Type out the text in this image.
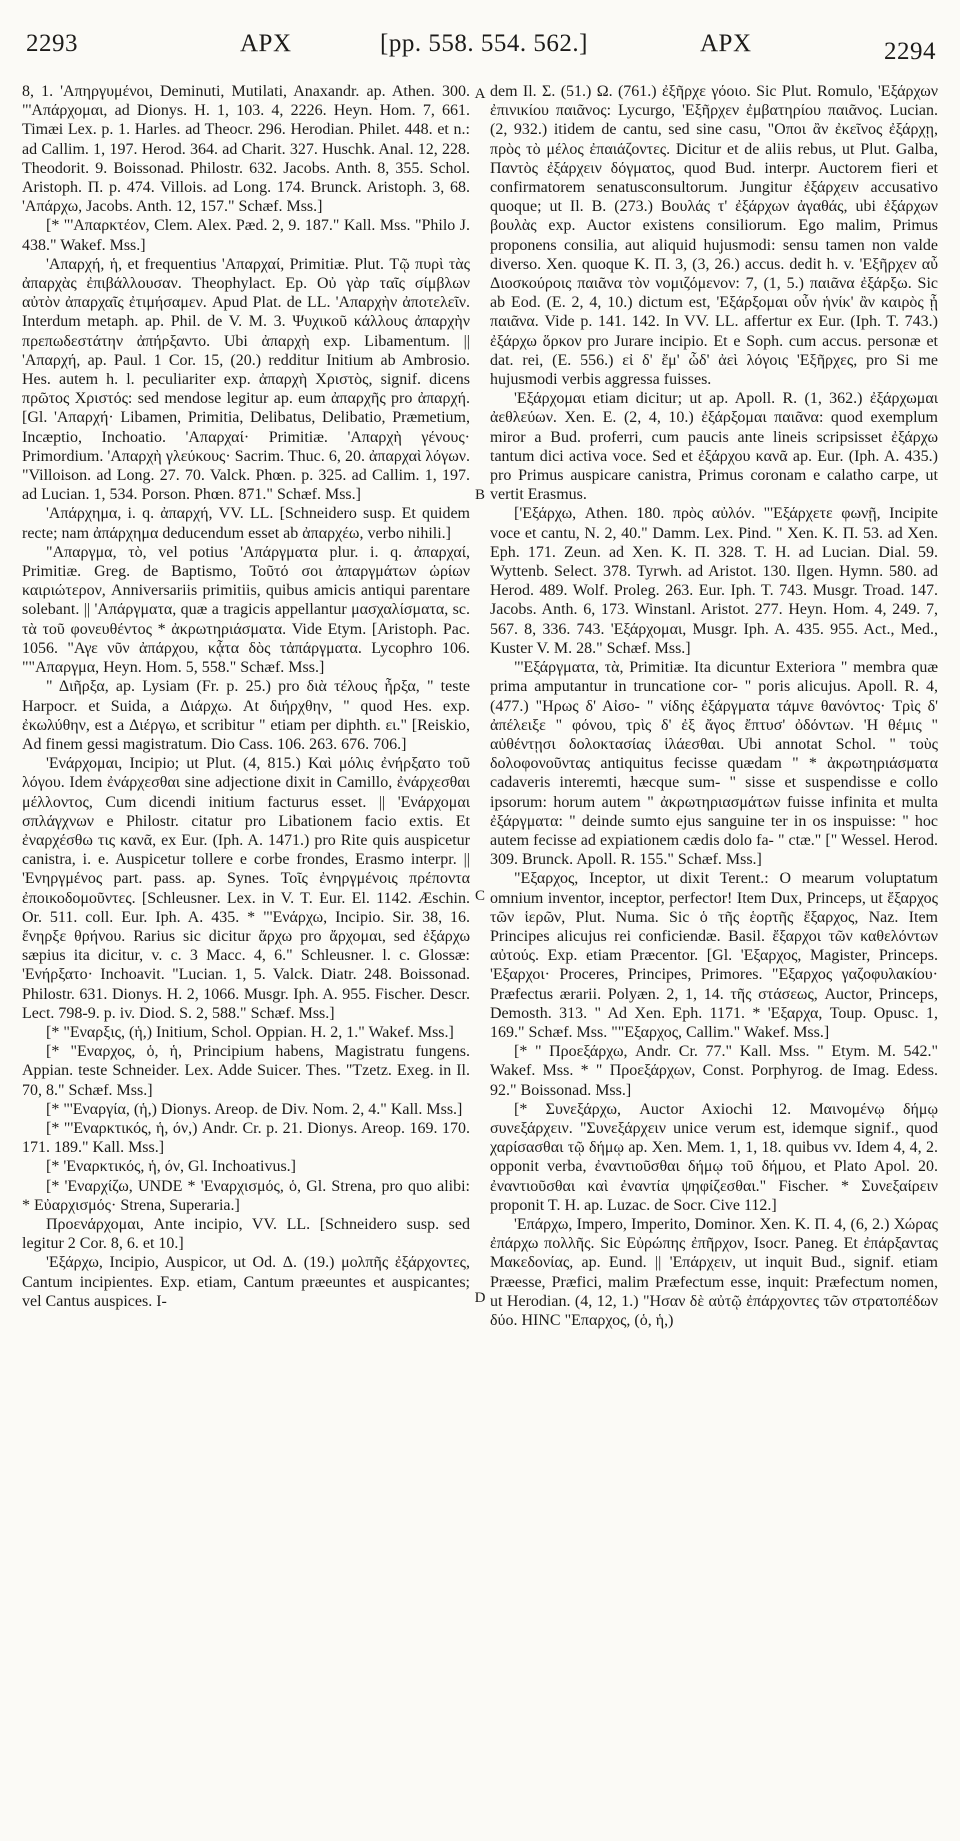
2293	ΑΡΧ	[pp. 558. 554. 562.]	ΑΡΧ	2294
A
B
C
D

8, 1. 'Απηργυμένοι, Deminuti, Mutilati, Anaxandr. ap. Athen. 300. "'Απάρχομαι, ad Dionys. H. 1, 103. 4, 2226. Heyn. Hom. 7, 661. Timæi Lex. p. 1. Harles. ad Theocr. 296. Herodian. Philet. 448. et n.: ad Callim. 1, 197. Herod. 364. ad Charit. 327. Huschk. Anal. 12, 228. Theodorit. 9. Boissonad. Philostr. 632. Jacobs. Anth. 8, 355. Schol. Aristoph. Π. p. 474. Villois. ad Long. 174. Brunck. Aristoph. 3, 68. 'Απάρχω, Jacobs. Anth. 12, 157." Schæf. Mss.]

[* "'Απαρκτέον, Clem. Alex. Pæd. 2, 9. 187." Kall. Mss. "Philo J. 438." Wakef. Mss.]

'Απαρχή, ἡ, et frequentius 'Απαρχαί, Primitiæ. Plut. Τῷ πυρὶ τὰς ἀπαρχὰς ἐπιβάλλουσαν. Theophylact. Ep. Οὐ γὰρ ταῖς σίμβλων αὐτὸν ἀπαρχαῖς ἐτιμήσαμεν. Apud Plat. de LL. 'Απαρχὴν ἀποτελεῖν. Interdum metaph. ap. Phil. de V. M. 3. Ψυχικοῦ κάλλους ἀπαρχὴν πρεπωδεστάτην ἀπήρξαντο. Ubi ἀπαρχὴ exp. Libamentum. || 'Απαρχή, ap. Paul. 1 Cor. 15, (20.) redditur Initium ab Ambrosio. Hes. autem h. l. peculiariter exp. ἀπαρχὴ Χριστὸς, signif. dicens πρῶτος Χριστός: sed mendose legitur ap. eum ἀπαρχῆς pro ἀπαρχή. [Gl. 'Απαρχή· Libamen, Primitia, Delibatus, Delibatio, Præmetium, Incæptio, Inchoatio. 'Απαρχαί· Primitiæ. 'Απαρχὴ γένους· Primordium. 'Απαρχὴ γλεύκους· Sacrim. Thuc. 6, 20. ἀπαρχαὶ λόγων. "Villoison. ad Long. 27. 70. Valck. Phœn. p. 325. ad Callim. 1, 197. ad Lucian. 1, 534. Porson. Phœn. 871." Schæf. Mss.]

'Απάρχημα, i. q. ἀπαρχή, VV. LL. [Schneidero susp. Et quidem recte; nam ἀπάρχημα deducendum esset ab ἀπαρχέω, verbo nihili.]

"Απαργμα, τὸ, vel potius 'Απάργματα plur. i. q. ἀπαρχαί, Primitiæ. Greg. de Baptismo, Τοῦτό σοι ἀπαργμάτων ὡρίων καιριώτερον, Anniversariis primitiis, quibus amicis antiqui parentare solebant. || 'Απάργματα, quæ a tragicis appellantur μασχαλίσματα, sc. τὰ τοῦ φονευθέντος * ἀκρωτηριάσματα. Vide Etym. [Aristoph. Pac. 1056. "Αγε νῦν ἀπάρχου, κᾆτα δὸς τἀπάργματα. Lycophro 106. ""Απαργμα, Heyn. Hom. 5, 558." Schæf. Mss.]

" Διῆρξα, ap. Lysiam (Fr. p. 25.) pro διὰ τέλους ἦρξα, " teste Harpocr. et Suida, a Διάρχω. At διήρχθην, " quod Hes. exp. ἐκωλύθην, est a Διέργω, et scribitur " etiam per diphth. ει." [Reiskio, Ad finem gessi magistratum. Dio Cass. 106. 263. 676. 706.]

'Ενάρχομαι, Incipio; ut Plut. (4, 815.) Καὶ μόλις ἐνήρξατο τοῦ λόγου. Idem ἐνάρχεσθαι sine adjectione dixit in Camillo, ἐνάρχεσθαι μέλλοντος, Cum dicendi initium facturus esset. || 'Ενάρχομαι σπλάγχνων e Philostr. citatur pro Libationem facio extis. Et ἐναρχέσθω τις κανᾶ, ex Eur. (Iph. A. 1471.) pro Rite quis auspicetur canistra, i. e. Auspicetur tollere e corbe frondes, Erasmo interpr. || 'Ενηργμένος part. pass. ap. Synes. Τοῖς ἐνηργμένοις πρέποντα ἐποικοδομοῦντες. [Schleusner. Lex. in V. T. Eur. El. 1142. Æschin. Or. 511. coll. Eur. Iph. A. 435. * "'Ενάρχω, Incipio. Sir. 38, 16. ἔνηρξε θρήνου. Rarius sic dicitur ἄρχω pro ἄρχομαι, sed ἐξάρχω sæpius ita dicitur, v. c. 3 Macc. 4, 6." Schleusner. l. c. Glossæ: 'Ενήρξατο· Inchoavit. "Lucian. 1, 5. Valck. Diatr. 248. Boissonad. Philostr. 631. Dionys. H. 2, 1066. Musgr. Iph. A. 955. Fischer. Descr. Lect. 798-9. p. iv. Diod. S. 2, 588." Schæf. Mss.]

[* "Εναρξις, (ἡ,) Initium, Schol. Oppian. H. 2, 1." Wakef. Mss.]

[* "Εναρχος, ὁ, ἡ, Principium habens, Magistratu fungens. Appian. teste Schneider. Lex. Adde Suicer. Thes. "Tzetz. Exeg. in Il. 70, 8." Schæf. Mss.]

[* "'Εναργία, (ἡ,) Dionys. Areop. de Div. Nom. 2, 4." Kall. Mss.]

[* "'Εναρκτικός, ἡ, όν,) Andr. Cr. p. 21. Dionys. Areop. 169. 170. 171. 189." Kall. Mss.]

[* 'Εναρκτικός, ἡ, όν, Gl. Inchoativus.]

[* 'Εναρχίζω, UNDE * 'Εναρχισμός, ὁ, Gl. Strena, pro quo alibi: * Εὐαρχισμός· Strena, Superaria.]

Προενάρχομαι, Ante incipio, VV. LL. [Schneidero susp. sed legitur 2 Cor. 8, 6. et 10.]

'Εξάρχω, Incipio, Auspicor, ut Od. Δ. (19.) μολπῆς ἐξάρχοντες, Cantum incipientes. Exp. etiam, Cantum præeuntes et auspicantes; vel Cantus auspices. I-

dem Il. Σ. (51.) Ω. (761.) ἐξῆρχε γόοιο. Sic Plut. Romulo, 'Εξάρχων ἐπινικίου παιᾶνος: Lycurgo, 'Εξῆρχεν ἐμβατηρίου παιᾶνος. Lucian. (2, 932.) itidem de cantu, sed sine casu, "Οποι ἂν ἐκεῖνος ἐξάρχῃ, πρὸς τὸ μέλος ἐπαιάζοντες. Dicitur et de aliis rebus, ut Plut. Galba, Παντὸς ἐξάρχειν δόγματος, quod Bud. interpr. Auctorem fieri et confirmatorem senatusconsultorum. Jungitur ἐξάρχειν accusativo quoque; ut Il. B. (273.) Βουλάς τ' ἐξάρχων ἀγαθάς, ubi ἐξάρχων βουλὰς exp. Auctor existens consiliorum. Ego malim, Primus proponens consilia, aut aliquid hujusmodi: sensu tamen non valde diverso. Xen. quoque K. Π. 3, (3, 26.) accus. dedit h. v. 'Εξῆρχεν αὖ Διοσκούροις παιᾶνα τὸν νομιζόμενον: 7, (1, 5.) παιᾶνα ἐξάρξω. Sic ab Eod. (E. 2, 4, 10.) dictum est, 'Εξάρξομαι οὖν ἡνίκ' ἂν καιρὸς ᾖ παιᾶνα. Vide p. 141. 142. In VV. LL. affertur ex Eur. (Iph. T. 743.) ἐξάρχω ὅρκον pro Jurare incipio. Et e Soph. cum accus. personæ et dat. rei, (E. 556.) εἰ δ' ἔμ' ὧδ' ἀεὶ λόγοις 'Εξῆρχες, pro Si me hujusmodi verbis aggressa fuisses.

'Εξάρχομαι etiam dicitur; ut ap. Apoll. R. (1, 362.) ἐξάρχωμαι ἀεθλεύων. Xen. E. (2, 4, 10.) ἐξάρξομαι παιᾶνα: quod exemplum miror a Bud. proferri, cum paucis ante lineis scripsisset ἐξάρχω tantum dici activa voce. Sed et ἐξάρχου κανᾶ ap. Eur. (Iph. A. 435.) pro Primus auspicare canistra, Primus coronam e calatho carpe, ut vertit Erasmus.

['Εξάρχω, Athen. 180. πρὸς αὐλόν. "'Εξάρχετε φωνῇ, Incipite voce et cantu, N. 2, 40." Damm. Lex. Pind. " Xen. K. Π. 53. ad Xen. Eph. 171. Zeun. ad Xen. K. Π. 328. T. H. ad Lucian. Dial. 59. Wyttenb. Select. 378. Tyrwh. ad Aristot. 130. Ilgen. Hymn. 580. ad Herod. 489. Wolf. Proleg. 263. Eur. Iph. T. 743. Musgr. Troad. 147. Jacobs. Anth. 6, 173. Winstanl. Aristot. 277. Heyn. Hom. 4, 249. 7, 567. 8, 336. 743. 'Εξάρχομαι, Musgr. Iph. A. 435. 955. Act., Med., Kuster V. M. 28." Schæf. Mss.]

"'Εξάργματα, τὰ, Primitiæ. Ita dicuntur Exteriora " membra quæ prima amputantur in truncatione cor- " poris alicujus. Apoll. R. 4, (477.) "Ηρως δ' Αἰσο- " νίδης ἐξάργματα τάμνε θανόντος· Τρὶς δ' ἀπέλειξε " φόνου, τρὶς δ' ἐξ ἄγος ἔπτυσ' ὀδόντων. 'Η θέμις " αὐθέντῃσι δολοκτασίας ἱλάεσθαι. Ubi annotat Schol. " τοὺς δολοφονοῦντας antiquitus fecisse quædam " * ἀκρωτηριάσματα cadaveris interemti, hæcque sum- " sisse et suspendisse e collo ipsorum: horum autem " ἀκρωτηριασμάτων fuisse infinita et multa ἐξάργματα: " deinde sumto ejus sanguine ter in os inspuisse: " hoc autem fecisse ad expiationem cædis dolo fa- " ctæ." [" Wessel. Herod. 309. Brunck. Apoll. R. 155." Schæf. Mss.]

"Εξαρχος, Inceptor, ut dixit Terent.: O mearum voluptatum omnium inventor, inceptor, perfector! Item Dux, Princeps, ut ἔξαρχος τῶν ἱερῶν, Plut. Numa. Sic ὁ τῆς ἑορτῆς ἔξαρχος, Naz. Item Principes alicujus rei conficiendæ. Basil. ἔξαρχοι τῶν καθελόντων αὐτούς. Exp. etiam Præcentor. [Gl. 'Εξαρχος, Magister, Princeps. 'Εξαρχοι· Proceres, Principes, Primores. "Εξαρχος γαζοφυλακίου· Præfectus ærarii. Polyæn. 2, 1, 14. τῆς στάσεως, Auctor, Princeps, Demosth. 313. " Ad Xen. Eph. 1171. * 'Εξαρχα, Toup. Opusc. 1, 169." Schæf. Mss. ""Εξαρχος, Callim." Wakef. Mss.]

[* " Προεξάρχω, Andr. Cr. 77." Kall. Mss. " Etym. M. 542." Wakef. Mss. * " Προεξάρχων, Const. Porphyrog. de Imag. Edess. 92." Boissonad. Mss.]

[* Συνεξάρχω, Auctor Axiochi 12. Μαινομένῳ δήμῳ συνεξάρχειν. "Συνεξάρχειν unice verum est, idemque signif., quod χαρίσασθαι τῷ δήμῳ ap. Xen. Mem. 1, 1, 18. quibus vv. Idem 4, 4, 2. opponit verba, ἐναντιοῦσθαι δήμῳ τοῦ δήμου, et Plato Apol. 20. ἐναντιοῦσθαι καὶ ἐναντία ψηφίζεσθαι." Fischer. * Συνεξαίρειν proponit T. H. ap. Luzac. de Socr. Cive 112.]

'Επάρχω, Impero, Imperito, Dominor. Xen. K. Π. 4, (6, 2.) Χώρας ἐπάρχω πολλῆς. Sic Εὐρώπης ἐπῆρχον, Isocr. Paneg. Et ἐπάρξαντας Μακεδονίας, ap. Eund. || 'Επάρχειν, ut inquit Bud., signif. etiam Præesse, Præfici, malim Præfectum esse, inquit: Præfectum nomen, ut Herodian. (4, 12, 1.) "Ησαν δὲ αὐτῷ ἐπάρχοντες τῶν στρατοπέδων δύο. HINC "Επαρχος, (ὁ, ἡ,)
